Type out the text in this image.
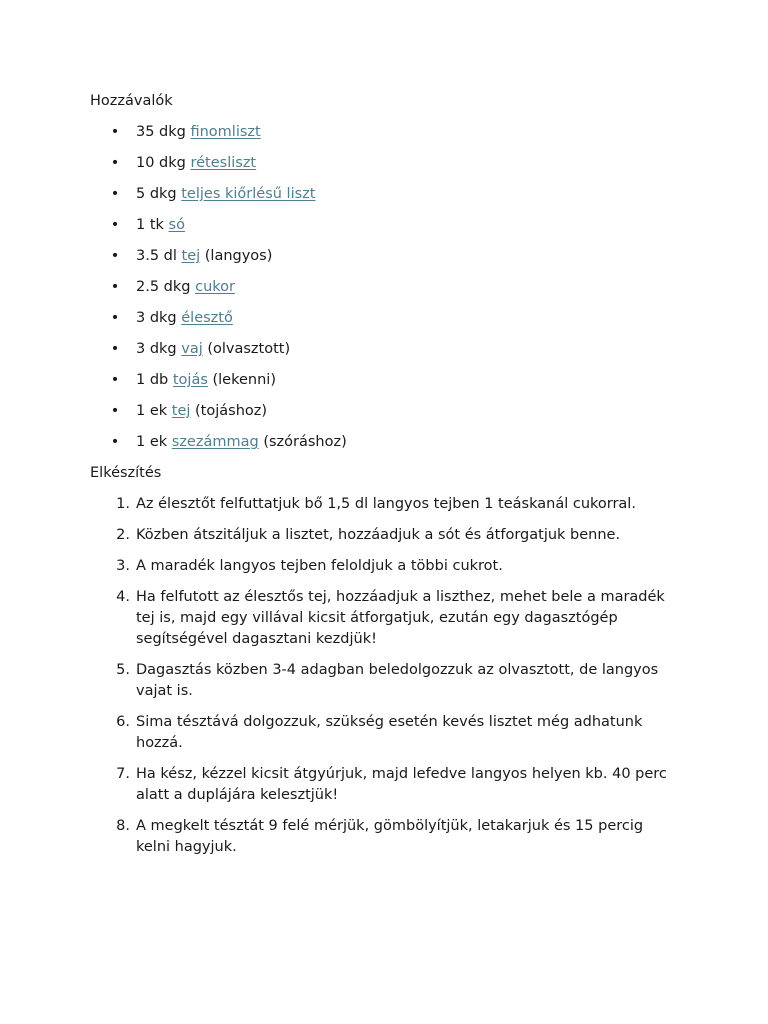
Hozzávalók
• 35 dkg finomliszt
• 10 dkg rétesliszt
• 5 dkg teljes kiőrlésű liszt
• 1 tk só
• 3.5 dl tej (langyos)
• 2.5 dkg cukor
• 3 dkg élesztő
• 3 dkg vaj (olvasztott)
• 1 db tojás (lekenni)
• 1 ek tej (tojáshoz)
• 1 ek szezámmag (szóráshoz)
Elkészítés
1. Az élesztőt felfuttatjuk bő 1,5 dl langyos tejben 1 teáskanál cukorral.
2. Közben átszitáljuk a lisztet, hozzáadjuk a sót és átforgatjuk benne.
3. A maradék langyos tejben feloldjuk a többi cukrot.
4. Ha felfutott az élesztős tej, hozzáadjuk a liszthez, mehet bele a maradék tej is, majd egy villával kicsit átforgatjuk, ezután egy dagasztógép segítségével dagasztani kezdjük!
5. Dagasztás közben 3-4 adagban beledolgozzuk az olvasztott, de langyos vajat is.
6. Sima tésztává dolgozzuk, szükség esetén kevés lisztet még adhatunk hozzá.
7. Ha kész, kézzel kicsit átgyúrjuk, majd lefedve langyos helyen kb. 40 perc alatt a duplájára kelesztjük!
8. A megkelt tésztát 9 felé mérjük, gömbölyítjük, letakarjuk és 15 percig kelni hagyjuk.
